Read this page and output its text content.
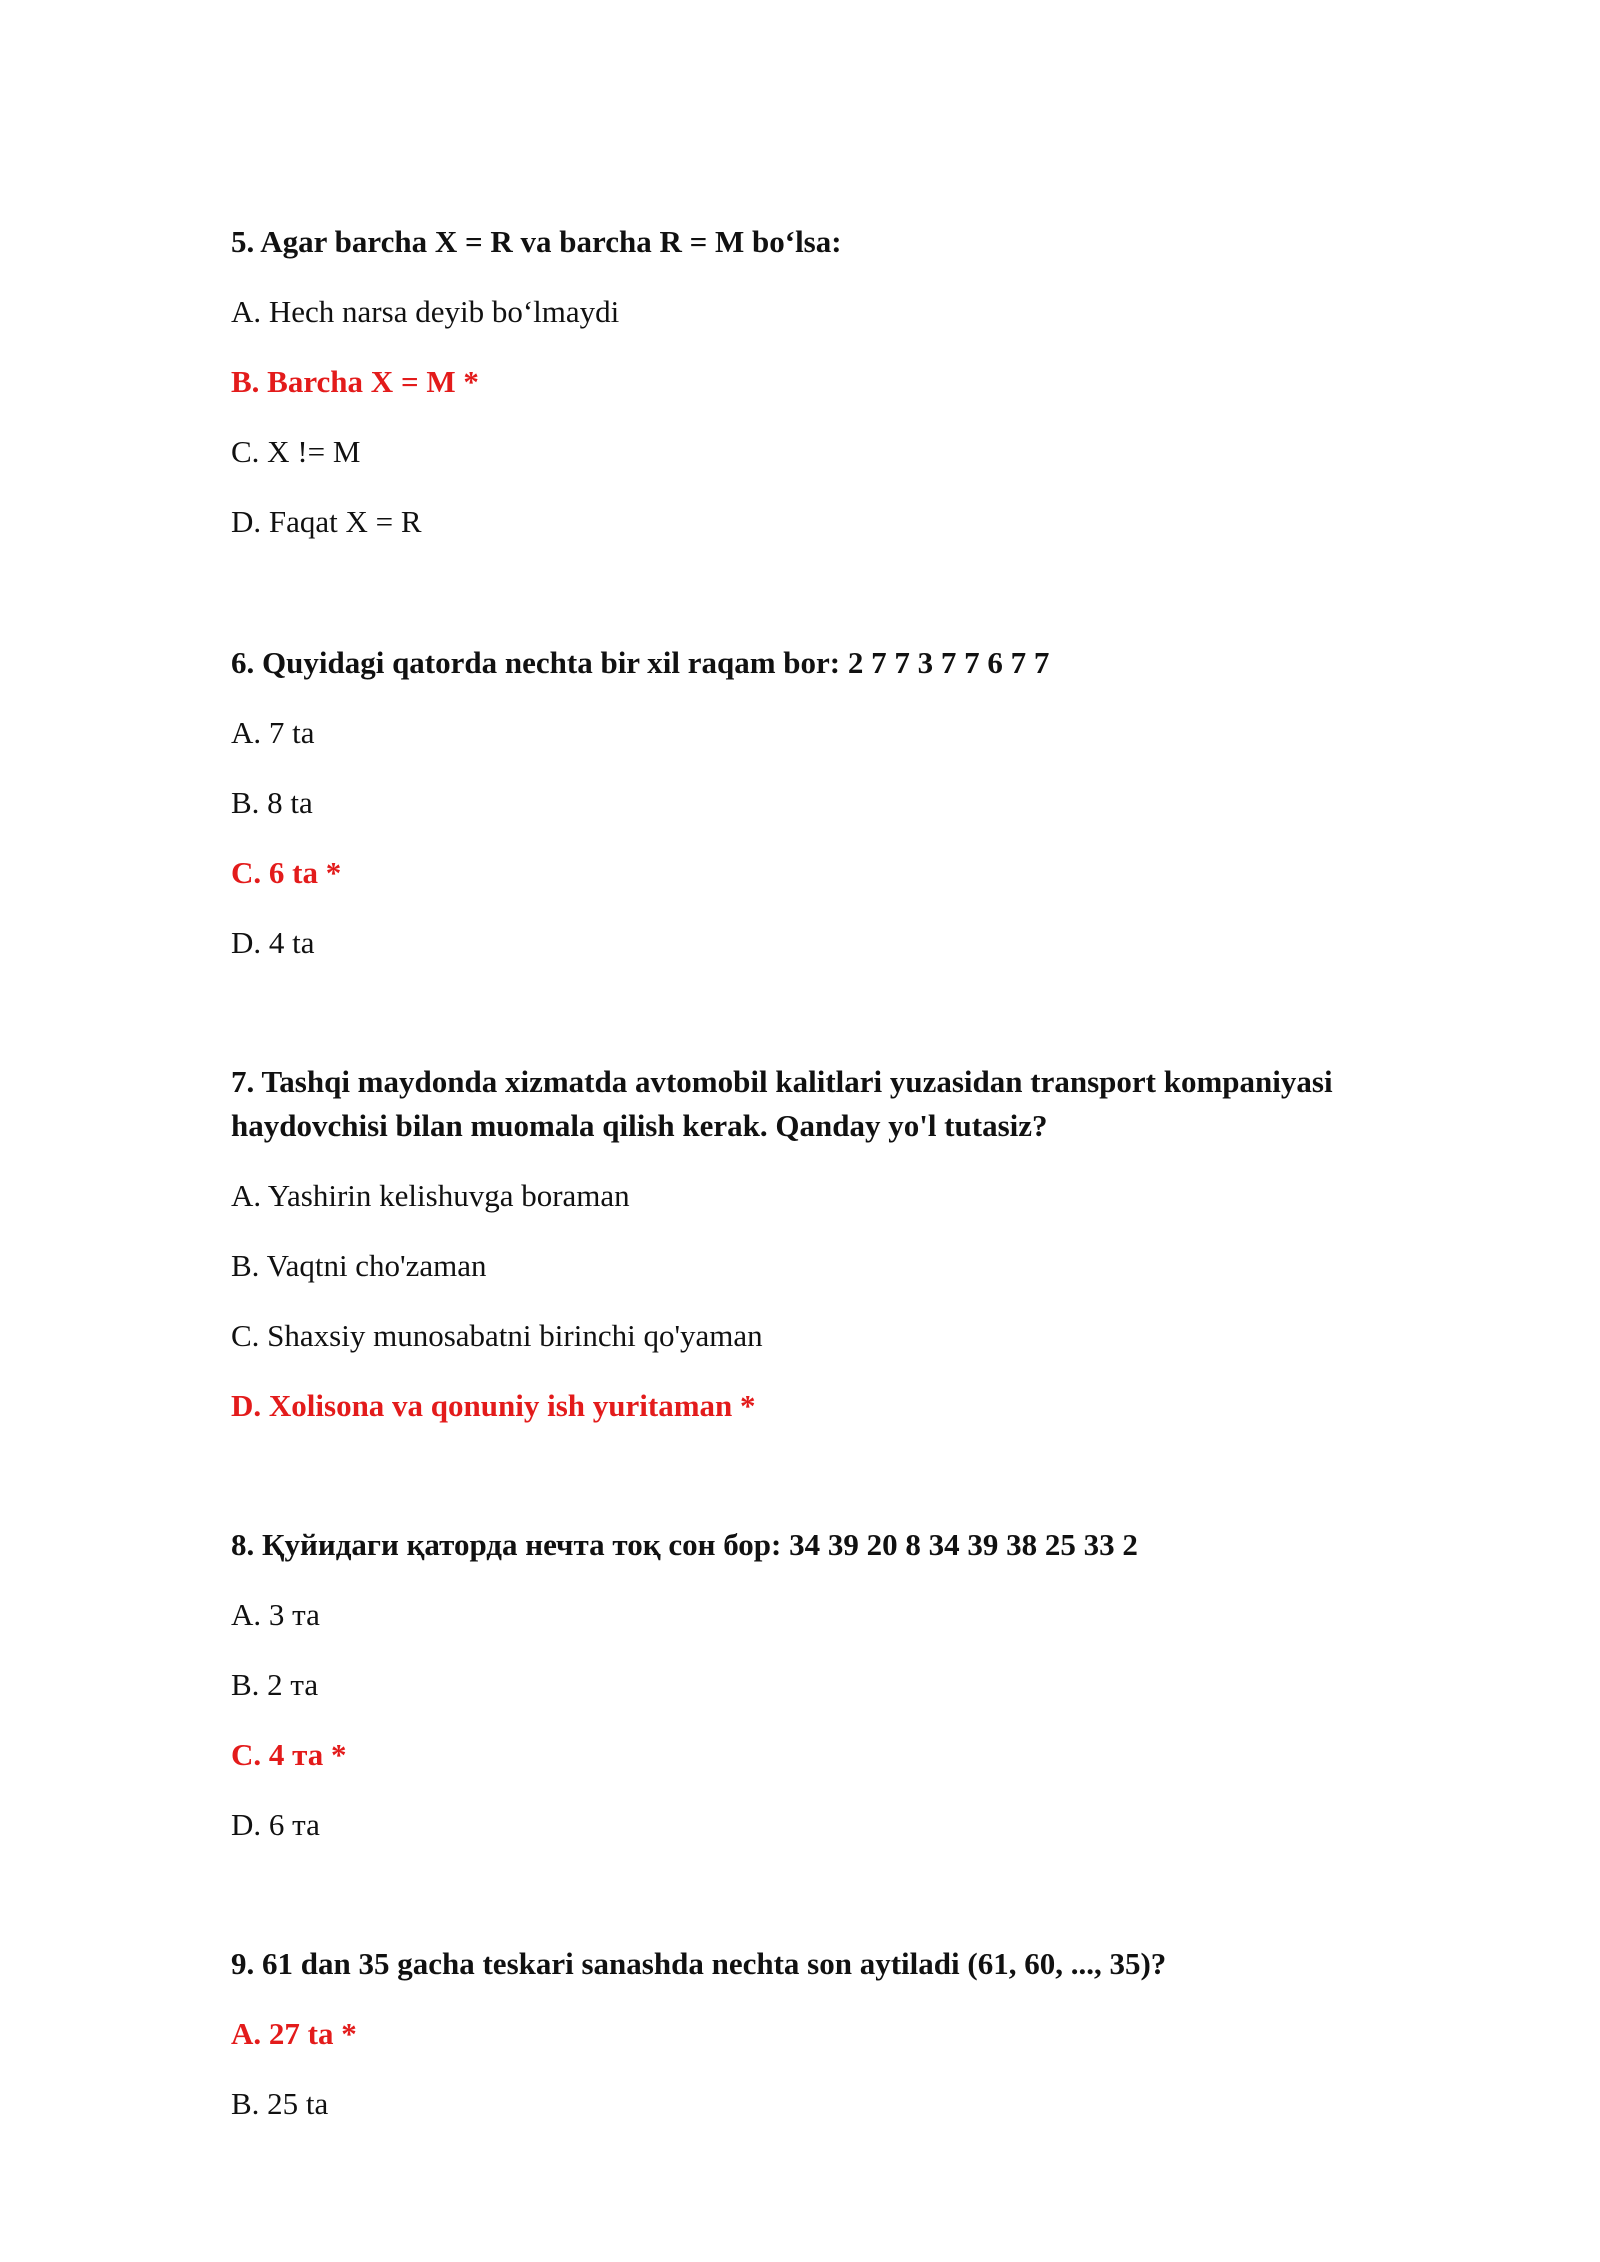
5. Agar barcha X = R va barcha R = M bo‘lsa:

A. Hech narsa deyib bo‘lmaydi
B. Barcha X = M *
C. X != M
D. Faqat X = R

6. Quyidagi qatorda nechta bir xil raqam bor: 2 7 7 3 7 7 6 7 7

A. 7 ta
B. 8 ta
C. 6 ta *
D. 4 ta

7. Tashqi maydonda xizmatda avtomobil kalitlari yuzasidan transport kompaniyasi haydovchisi bilan muomala qilish kerak. Qanday yo'l tutasiz?

A. Yashirin kelishuvga boraman
B. Vaqtni cho'zaman
C. Shaxsiy munosabatni birinchi qo'yaman
D. Xolisona va qonuniy ish yuritaman *

8. Қуйидаги қаторда нечта тоқ сон бор: 34 39 20 8 34 39 38 25 33 2

A. 3 та
B. 2 та
C. 4 та *
D. 6 та

9. 61 dan 35 gacha teskari sanashda nechta son aytiladi (61, 60, ..., 35)?

A. 27 ta *
B. 25 ta
